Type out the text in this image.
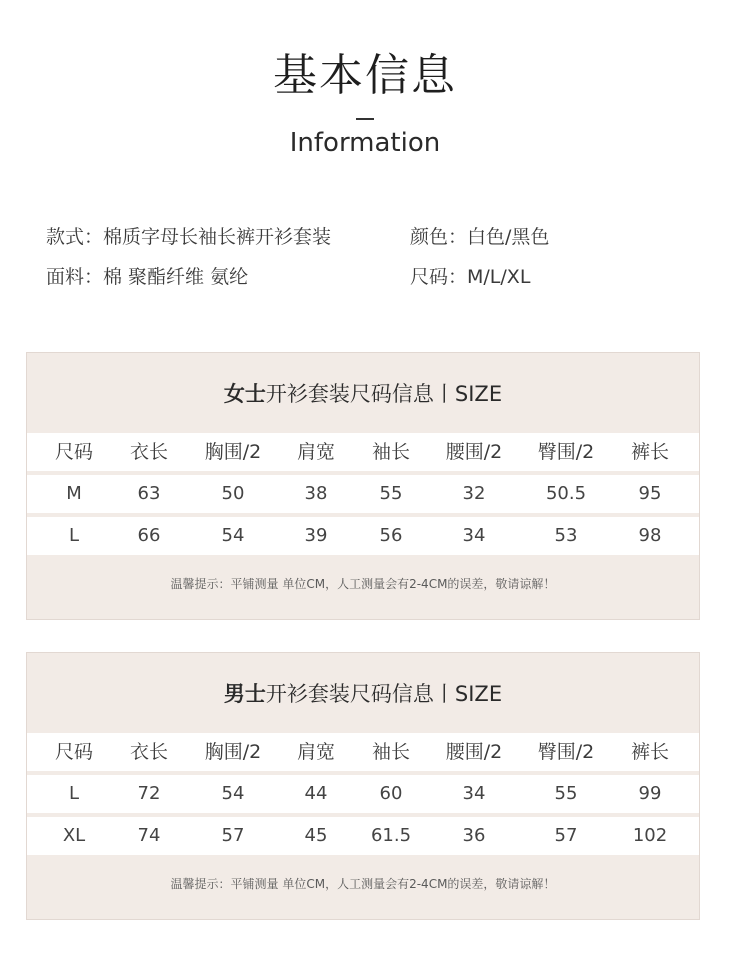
基本信息
Information
款式：棉质字母长袖长裤开衫套装	颜色：白色/黑色
面料：棉 聚酯纤维 氨纶	尺码：M/L/XL
女士开衫套装尺码信息丨SIZE
尺码 衣长 胸围/2 肩宽 袖长 腰围/2 臀围/2 裤长
M	63	50	38	55	32	50.5	95
L	66	54	39	56	34	53	98
温馨提示：平铺测量 单位CM，人工测量会有2-4CM的误差，敬请谅解！
男士开衫套装尺码信息丨SIZE
尺码 衣长 胸围/2 肩宽 袖长 腰围/2 臀围/2 裤长
L	72	54	44	60	34	55	99
XL	74	57	45 61.5	36	57	102
温馨提示：平铺测量 单位CM，人工测量会有2-4CM的误差，敬请谅解！
